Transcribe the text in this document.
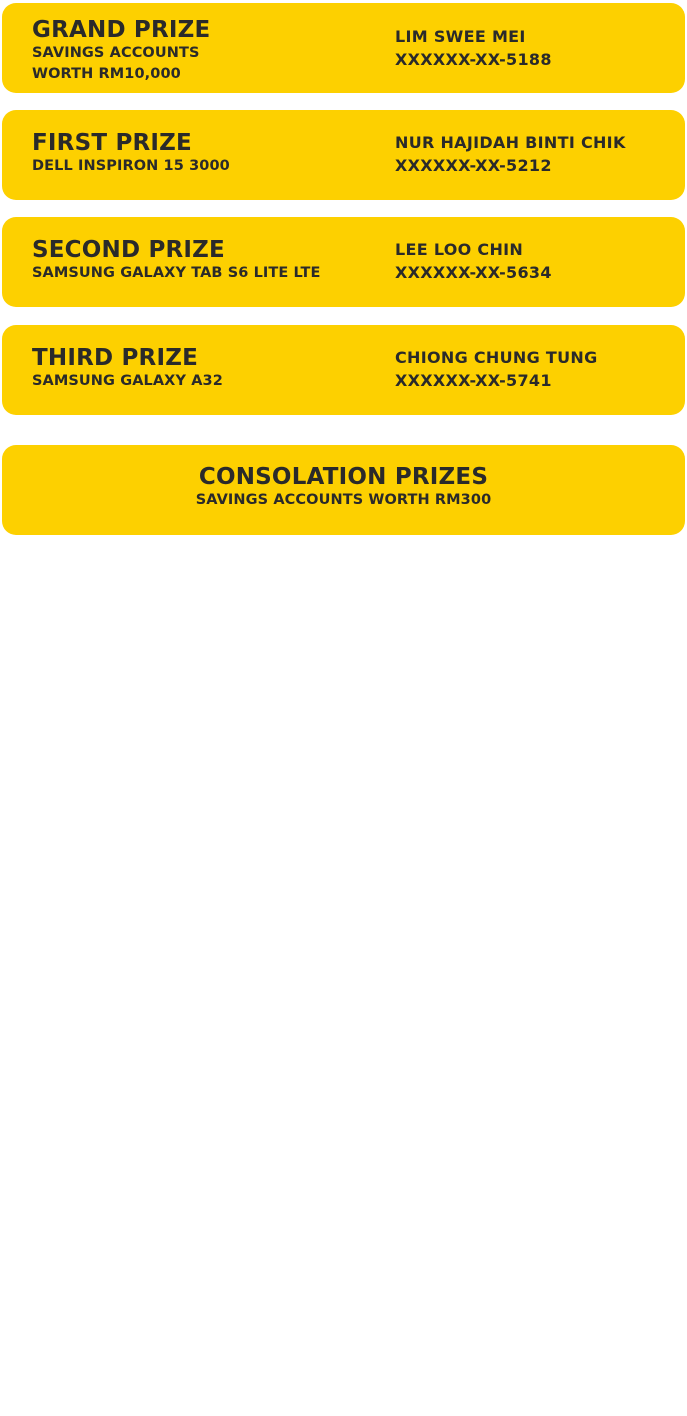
GRAND PRIZE
SAVINGS ACCOUNTS
WORTH RM10,000
LIM SWEE MEI
XXXXXX-XX-5188
FIRST PRIZE
DELL INSPIRON 15 3000
NUR HAJIDAH BINTI CHIK
XXXXXX-XX-5212
SECOND PRIZE
SAMSUNG GALAXY TAB S6 LITE LTE
LEE LOO CHIN
XXXXXX-XX-5634
THIRD PRIZE
SAMSUNG GALAXY A32
CHIONG CHUNG TUNG
XXXXXX-XX-5741
CONSOLATION PRIZES
SAVINGS ACCOUNTS WORTH RM300
